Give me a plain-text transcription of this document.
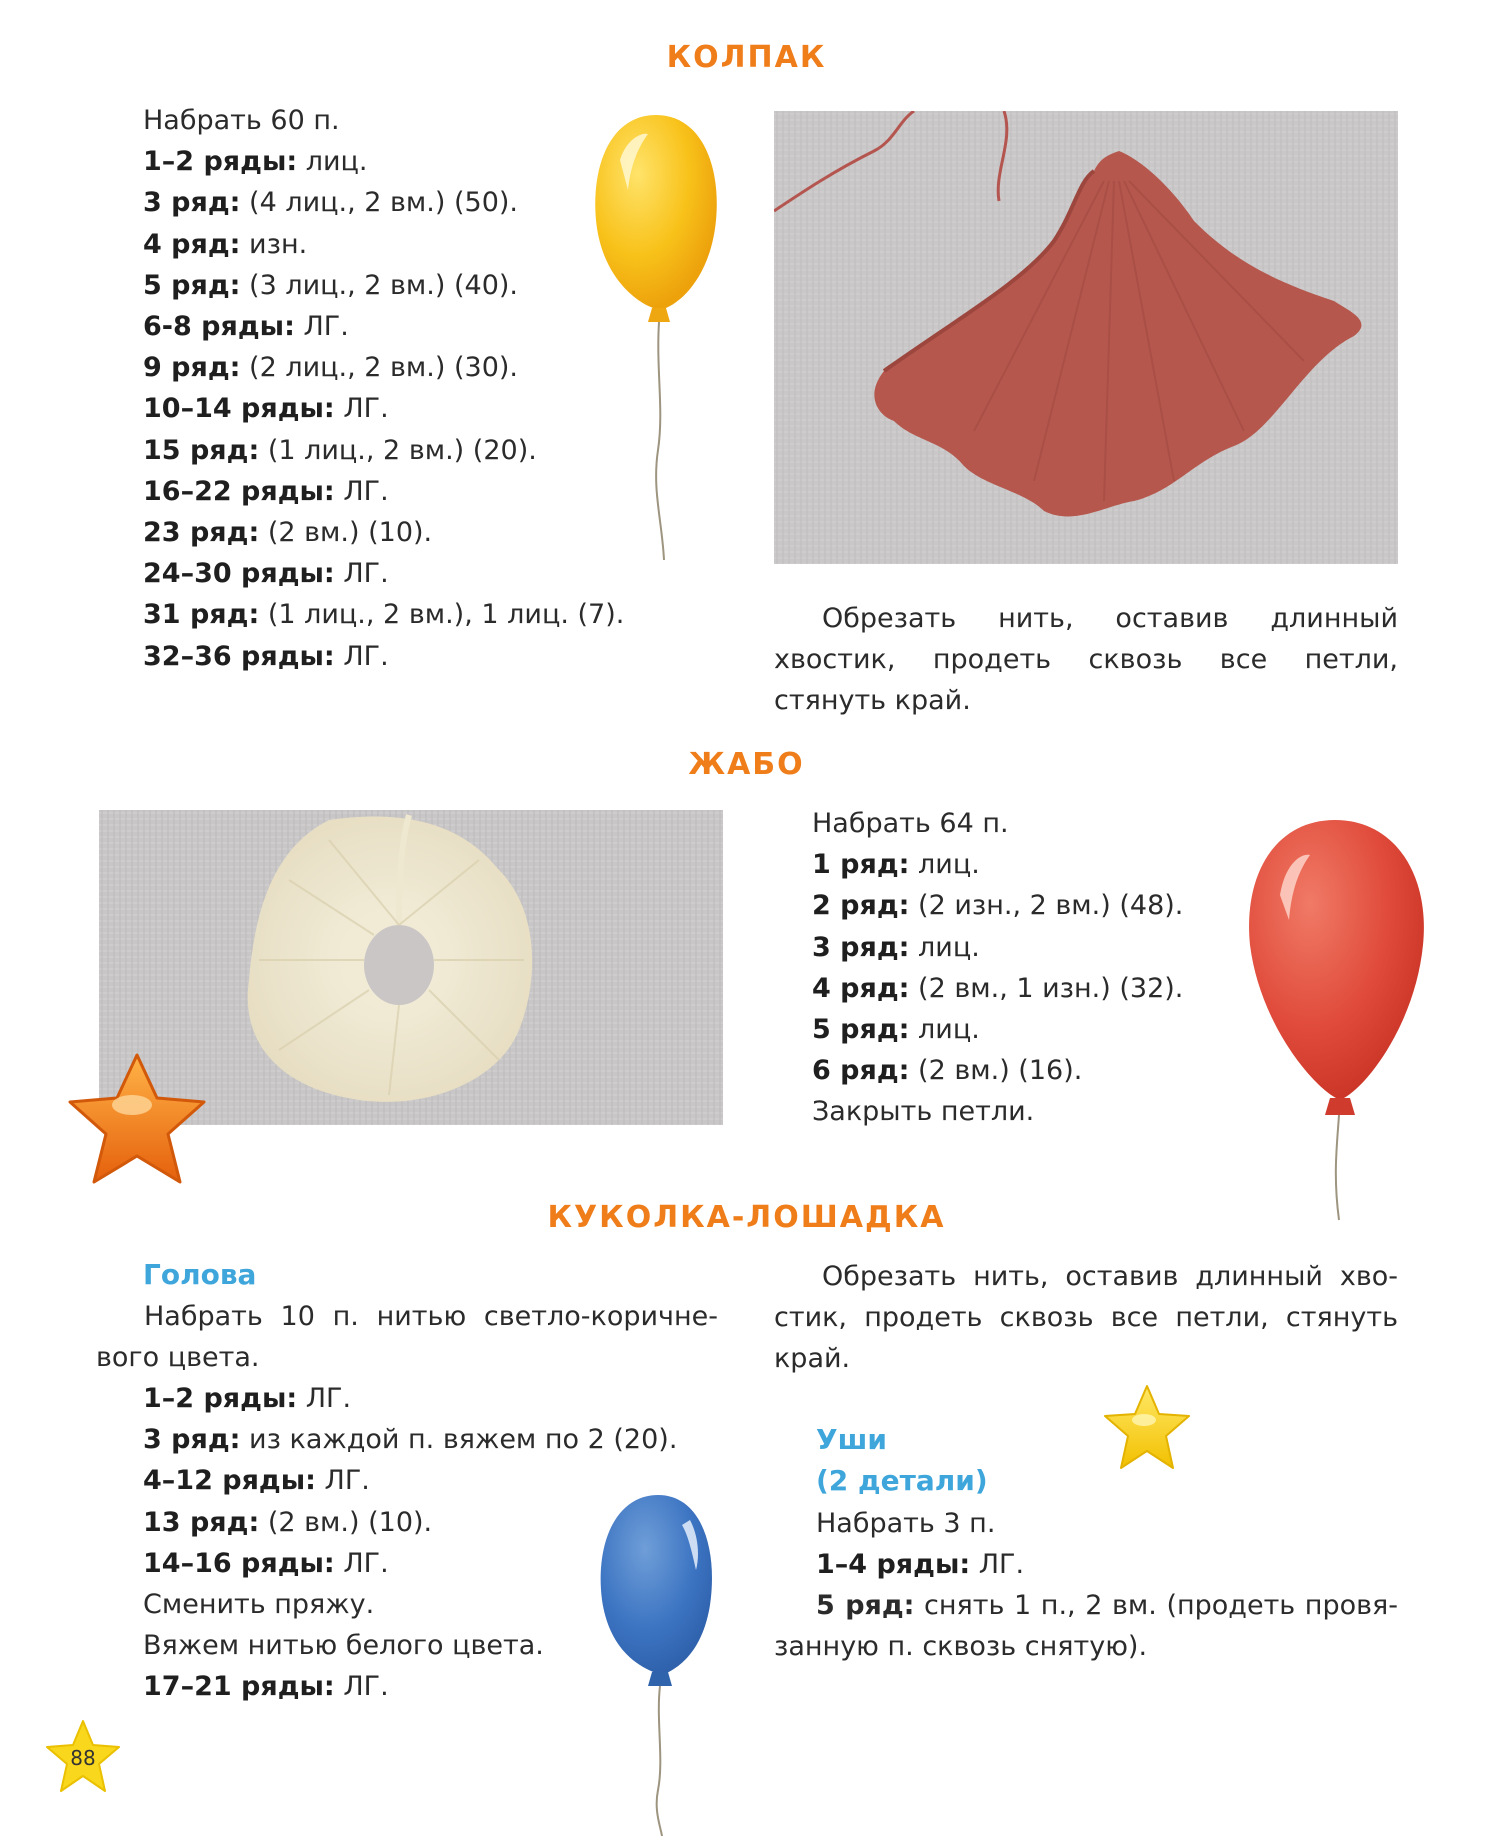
КОЛПАК
Набрать 60 п.
1–2 ряды: лиц.
3 ряд: (4 лиц., 2 вм.) (50).
4 ряд: изн.
5 ряд: (3 лиц., 2 вм.) (40).
6-8 ряды: ЛГ.
9 ряд: (2 лиц., 2 вм.) (30).
10–14 ряды: ЛГ.
15 ряд: (1 лиц., 2 вм.) (20).
16–22 ряды: ЛГ.
23 ряд: (2 вм.) (10).
24–30 ряды: ЛГ.
31 ряд: (1 лиц., 2 вм.), 1 лиц. (7).
32–36 ряды: ЛГ.
Обрезать нить, оставив длинный хвостик, продеть сквозь все петли, стянуть край.
ЖАБО
Набрать 64 п.
1 ряд: лиц.
2 ряд: (2 изн., 2 вм.) (48).
3 ряд: лиц.
4 ряд: (2 вм., 1 изн.) (32).
5 ряд: лиц.
6 ряд: (2 вм.) (16).
Закрыть петли.
КУКОЛКА-ЛОШАДКА
Голова
Набрать 10 п. нитью светло-коричне- вого цвета.
1–2 ряды: ЛГ.
3 ряд: из каждой п. вяжем по 2 (20).
4–12 ряды: ЛГ.
13 ряд: (2 вм.) (10).
14–16 ряды: ЛГ.
Сменить пряжу.
Вяжем нитью белого цвета.
17–21 ряды: ЛГ.
Обрезать нить, оставив длинный хво- стик, продеть сквозь все петли, стянуть край.
Уши
(2 детали)
Набрать 3 п.
1–4 ряды: ЛГ.
5 ряд: снять 1 п., 2 вм. (продеть провя- занную п. сквозь снятую).
88
